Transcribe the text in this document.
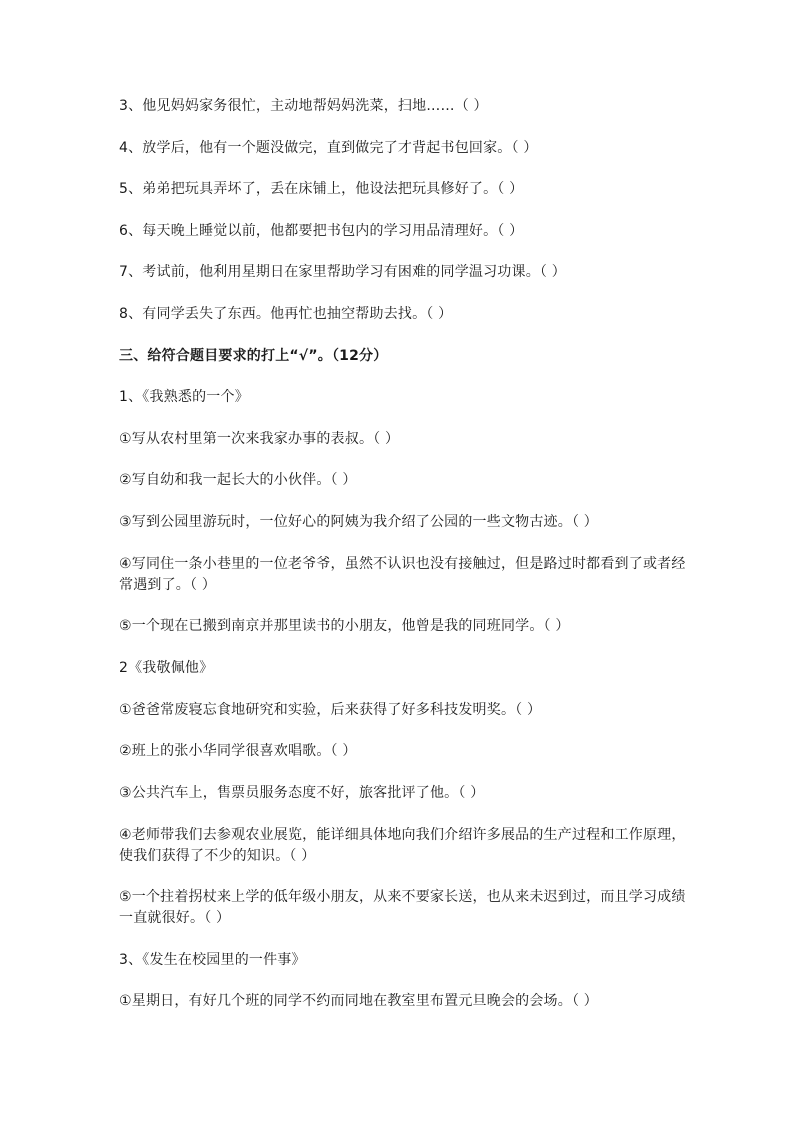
3、他见妈妈家务很忙，主动地帮妈妈洗菜，扫地……（ ）
4、放学后，他有一个题没做完，直到做完了才背起书包回家。（ ）
5、弟弟把玩具弄坏了，丢在床铺上，他设法把玩具修好了。（ ）
6、每天晚上睡觉以前，他都要把书包内的学习用品清理好。（ ）
7、考试前，他利用星期日在家里帮助学习有困难的同学温习功课。（ ）
8、有同学丢失了东西。他再忙也抽空帮助去找。（ ）
三、给符合题目要求的打上“√”。（12分）
1、《我熟悉的一个》
①写从农村里第一次来我家办事的表叔。（ ）
②写自幼和我一起长大的小伙伴。（ ）
③写到公园里游玩时，一位好心的阿姨为我介绍了公园的一些文物古迹。（ ）
④写同住一条小巷里的一位老爷爷，虽然不认识也没有接触过，但是路过时都看到了或者经
常遇到了。（ ）
⑤一个现在已搬到南京并那里读书的小朋友，他曾是我的同班同学。（ ）
2《我敬佩他》
①爸爸常废寝忘食地研究和实验，后来获得了好多科技发明奖。（ ）
②班上的张小华同学很喜欢唱歌。（ ）
③公共汽车上，售票员服务态度不好，旅客批评了他。（ ）
④老师带我们去参观农业展览，能详细具体地向我们介绍许多展品的生产过程和工作原理，
使我们获得了不少的知识。（ ）
⑤一个拄着拐杖来上学的低年级小朋友，从来不要家长送，也从来未迟到过，而且学习成绩
一直就很好。（ ）
3、《发生在校园里的一件事》
①星期日，有好几个班的同学不约而同地在教室里布置元旦晚会的会场。（ ）
